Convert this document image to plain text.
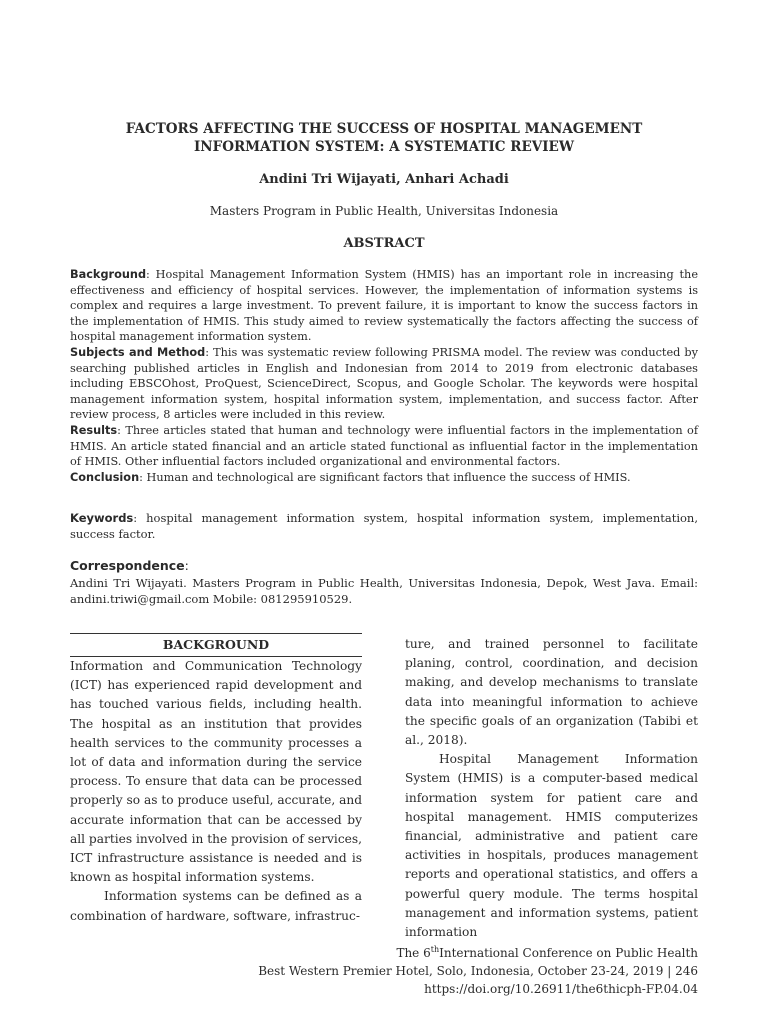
FACTORS AFFECTING THE SUCCESS OF HOSPITAL MANAGEMENT INFORMATION SYSTEM: A SYSTEMATIC REVIEW
Andini Tri Wijayati, Anhari Achadi
Masters Program in Public Health, Universitas Indonesia
ABSTRACT

Background: Hospital Management Information System (HMIS) has an important role in increasing the effectiveness and efficiency of hospital services. However, the implementation of information systems is complex and requires a large investment. To prevent failure, it is important to know the success factors in the implementation of HMIS. This study aimed to review systematically the factors affecting the success of hospital management information system.

Subjects and Method: This was systematic review following PRISMA model. The review was conducted by searching published articles in English and Indonesian from 2014 to 2019 from electronic databases including EBSCOhost, ProQuest, ScienceDirect, Scopus, and Google Scholar. The keywords were hospital management information system, hospital information system, implementation, and success factor. After review process, 8 articles were included in this review.

Results: Three articles stated that human and technology were influential factors in the implementation of HMIS. An article stated financial and an article stated functional as influential factor in the implementation of HMIS. Other influential factors included organizational and environmental factors.

Conclusion: Human and technological are significant factors that influence the success of HMIS.

Keywords: hospital management information system, hospital information system, implementation, success factor.
Correspondence:
Andini Tri Wijayati. Masters Program in Public Health, Universitas Indonesia, Depok, West Java. Email: andini.triwi@gmail.com Mobile: 081295910529.
BACKGROUND

Information and Communication Technology (ICT) has experienced rapid development and has touched various fields, including health. The hospital as an institution that provides health services to the community processes a lot of data and information during the service process. To ensure that data can be processed properly so as to produce useful, accurate, and accurate information that can be accessed by all parties involved in the provision of services, ICT infrastructure assistance is needed and is known as hospital information systems.

Information systems can be defined as a combination of hardware, software, infrastruc-

ture, and trained personnel to facilitate planing, control, coordination, and decision making, and develop mechanisms to translate data into meaningful information to achieve the specific goals of an organization (Tabibi et al., 2018).

Hospital Management Information System (HMIS) is a computer-based medical information system for patient care and hospital management. HMIS computerizes financial, administrative and patient care activities in hospitals, produces management reports and operational statistics, and offers a powerful query module. The terms hospital management and information systems, patient information

The 6thInternational Conference on Public Health
Best Western Premier Hotel, Solo, Indonesia, October 23-24, 2019 | 246
https://doi.org/10.26911/the6thicph-FP.04.04
